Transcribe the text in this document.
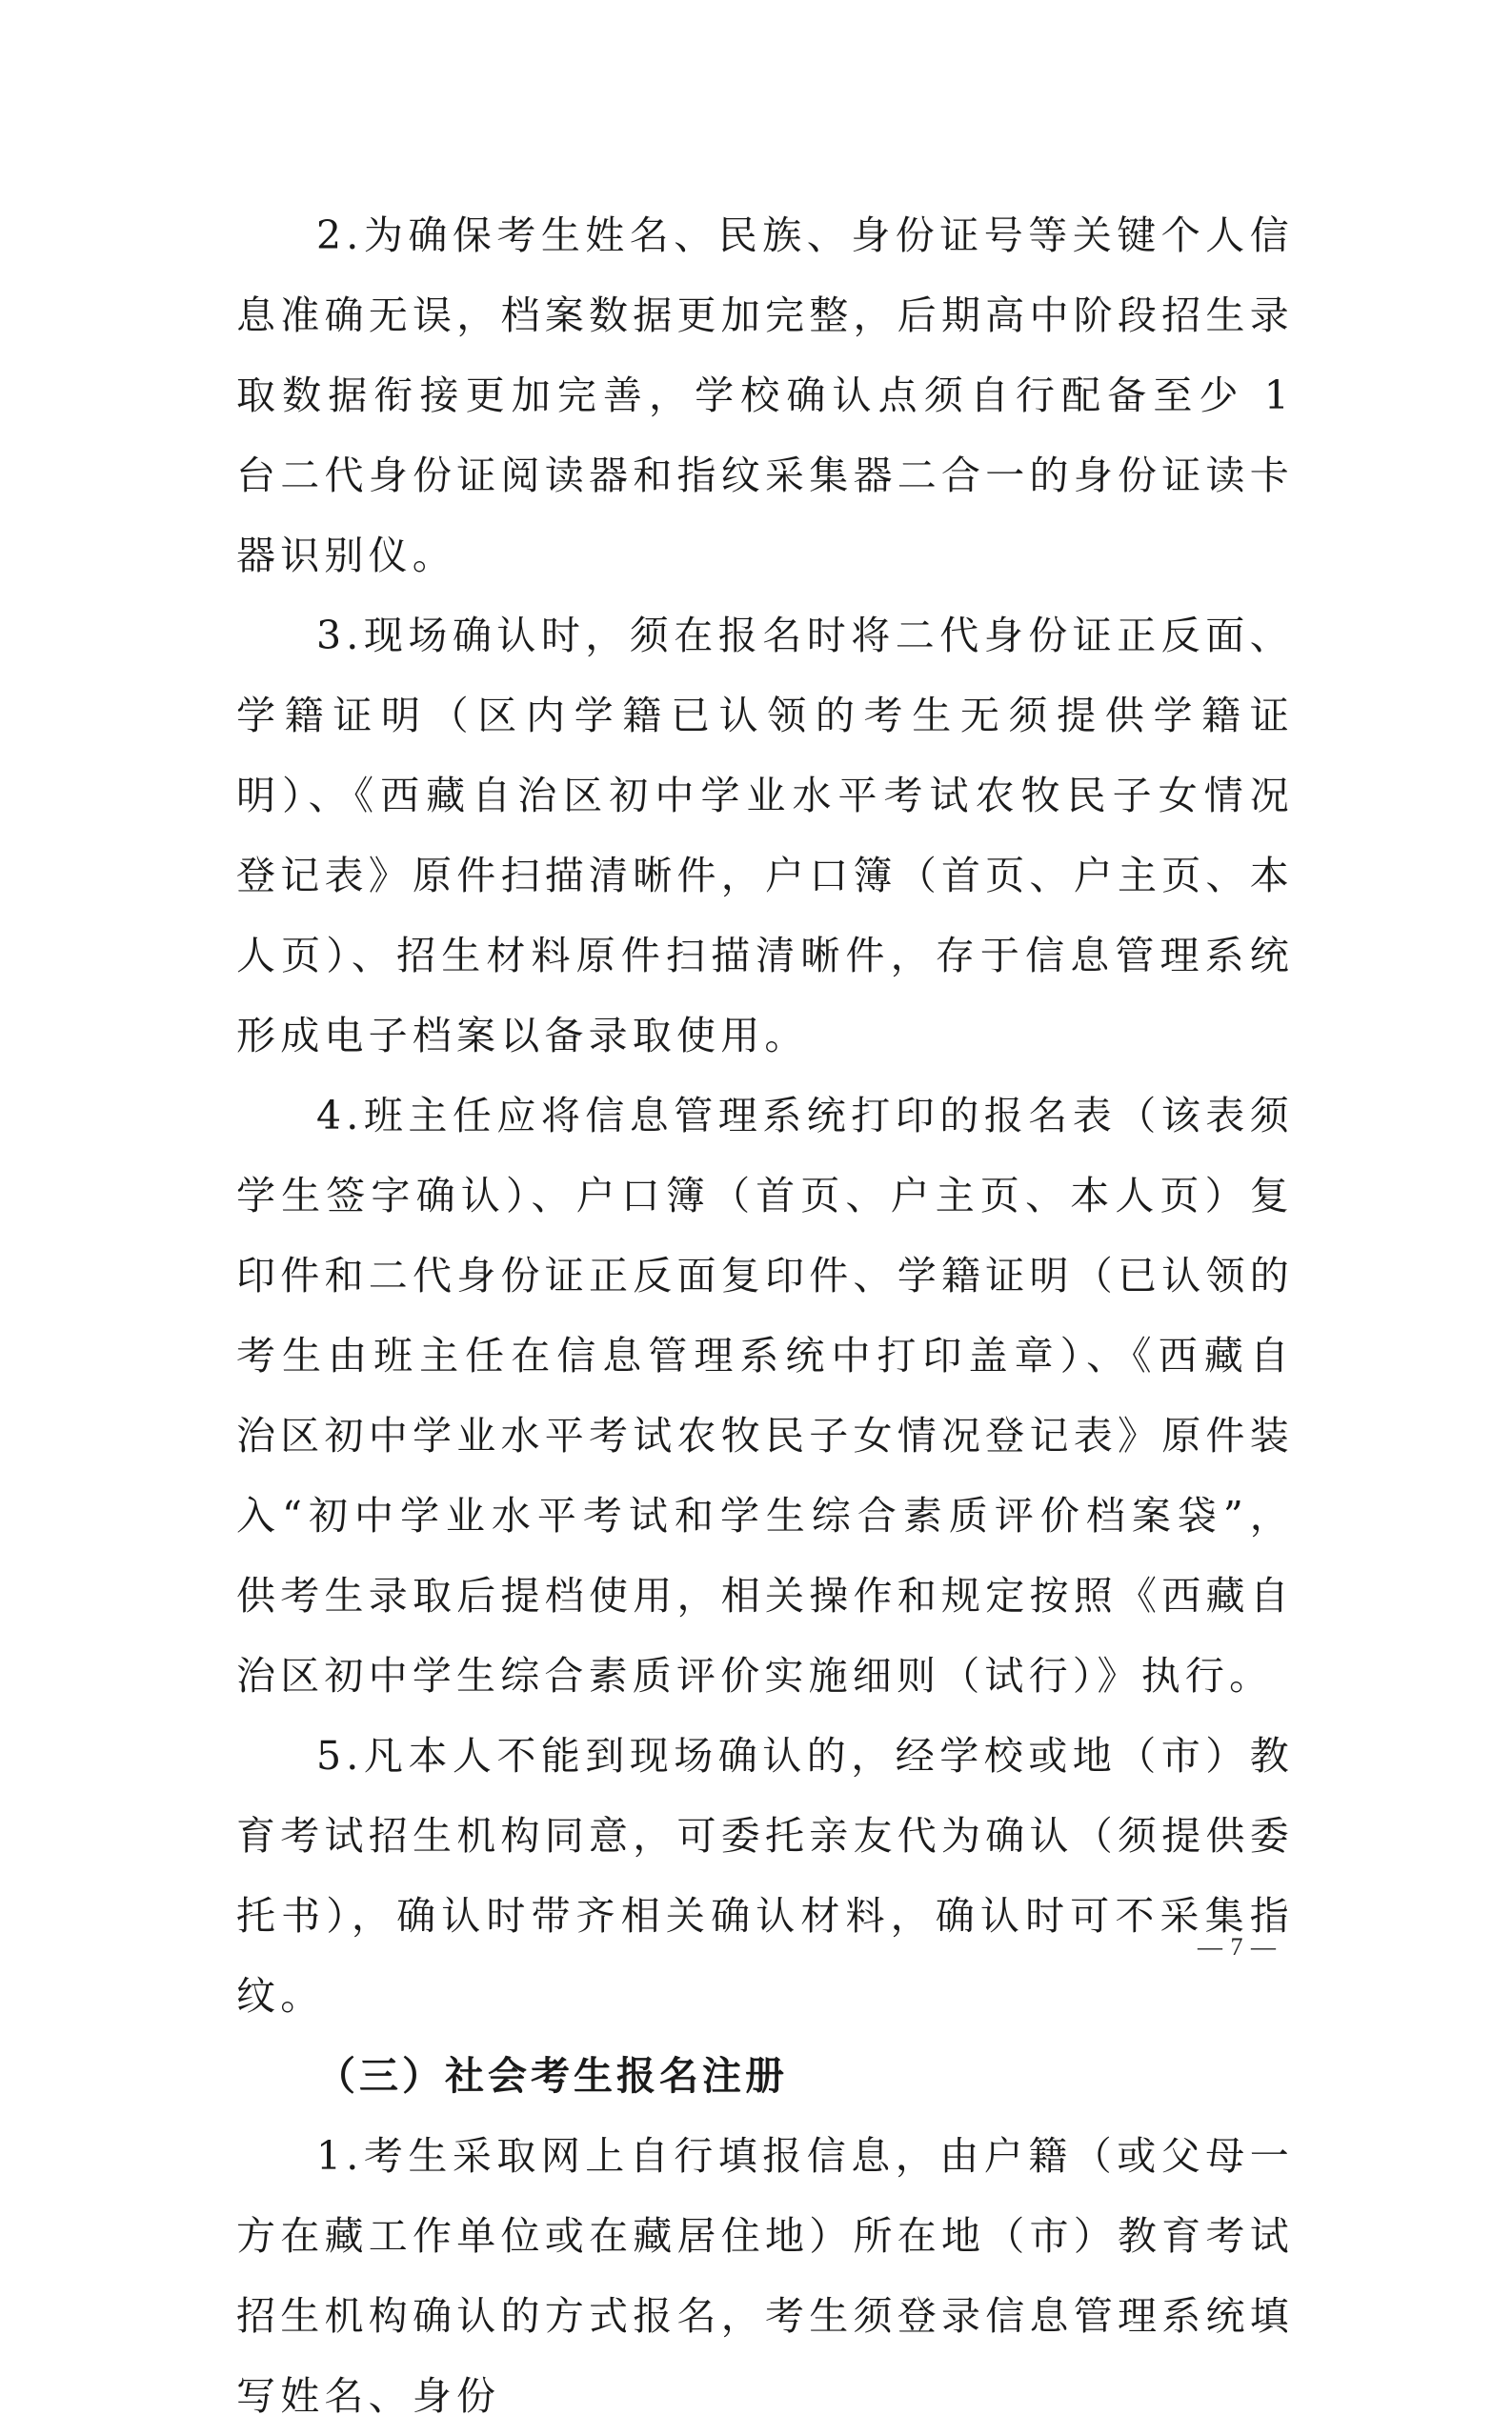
2.为确保考生姓名、民族、身份证号等关键个人信息准确无误，档案数据更加完整，后期高中阶段招生录取数据衔接更加完善，学校确认点须自行配备至少 1 台二代身份证阅读器和指纹采集器二合一的身份证读卡器识别仪。

3.现场确认时，须在报名时将二代身份证正反面、学籍证明（区内学籍已认领的考生无须提供学籍证明）、《西藏自治区初中学业水平考试农牧民子女情况登记表》原件扫描清晰件，户口簿（首页、户主页、本人页）、招生材料原件扫描清晰件，存于信息管理系统形成电子档案以备录取使用。

4.班主任应将信息管理系统打印的报名表（该表须学生签字确认）、户口簿（首页、户主页、本人页）复印件和二代身份证正反面复印件、学籍证明（已认领的考生由班主任在信息管理系统中打印盖章）、《西藏自治区初中学业水平考试农牧民子女情况登记表》原件装入“初中学业水平考试和学生综合素质评价档案袋”，供考生录取后提档使用，相关操作和规定按照《西藏自治区初中学生综合素质评价实施细则（试行）》执行。

5.凡本人不能到现场确认的，经学校或地（市）教育考试招生机构同意，可委托亲友代为确认（须提供委托书），确认时带齐相关确认材料，确认时可不采集指纹。

（三）社会考生报名注册

1.考生采取网上自行填报信息，由户籍（或父母一方在藏工作单位或在藏居住地）所在地（市）教育考试招生机构确认的方式报名，考生须登录信息管理系统填写姓名、身份

— 7 —
